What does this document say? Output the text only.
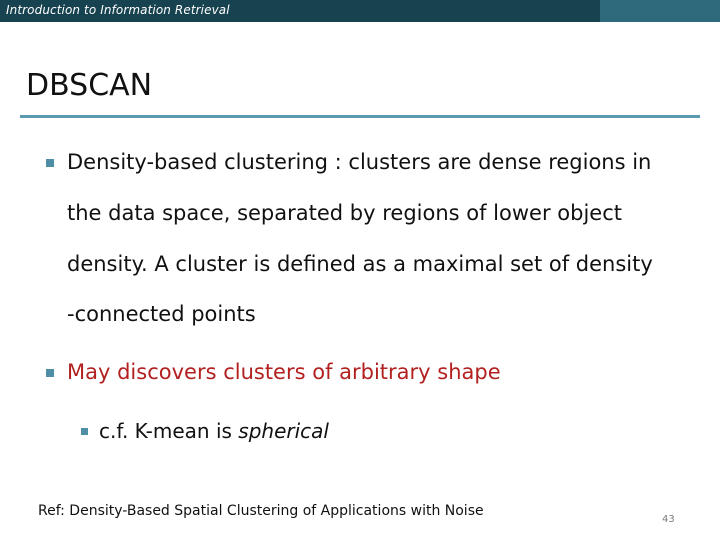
Introduction to Information Retrieval
DBSCAN
Density-based clustering : clusters are dense regions in
the data space, separated by regions of lower object
density. A cluster is defined as a maximal set of density
-connected points
May discovers clusters of arbitrary shape
c.f. K-mean is spherical
Ref: Density-Based Spatial Clustering of Applications with Noise
43
